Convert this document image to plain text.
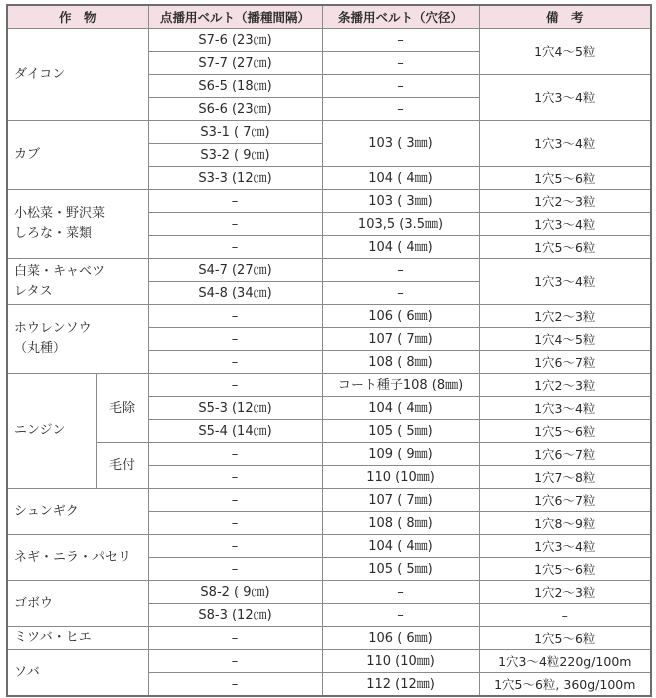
作　物		点播用ベルト（播種間隔）	条播用ベルト（穴径）	備　考
ダイコン		S7-6 (23㎝)	–	1穴4～5粒
		S7-7 (27㎝)	–	
		S6-5 (18㎝)	–	1穴3～4粒
		S6-6 (23㎝)	–	
カブ		S3-1 ( 7㎝)	103 ( 3㎜)	1穴3～4粒
		S3-2 ( 9㎝)		
		S3-3 (12㎝)	104 ( 4㎜)	1穴5～6粒
小松菜・野沢菜
しろな・菜類		–	103 ( 3㎜)	1穴2～3粒
		–	103,5 (3.5㎜)	1穴3～4粒
		–	104 ( 4㎜)	1穴5～6粒
白菜・キャベツ
レタス		S4-7 (27㎝)	–	1穴3～4粒
		S4-8 (34㎝)	–	
ホウレンソウ
（丸種）		–	106 ( 6㎜)	1穴2～3粒
		–	107 ( 7㎜)	1穴4～5粒
		–	108 ( 8㎜)	1穴6～7粒
ニンジン	毛除	–	コート種子108 (8㎜)	1穴2～3粒
		S5-3 (12㎝)	104 ( 4㎜)	1穴3～4粒
		S5-4 (14㎝)	105 ( 5㎜)	1穴5～6粒
	毛付	–	109 ( 9㎜)	1穴6～7粒
		–	110 (10㎜)	1穴7～8粒
シュンギク		–	107 ( 7㎜)	1穴6～7粒
		–	108 ( 8㎜)	1穴8～9粒
ネギ・ニラ・パセリ		–	104 ( 4㎜)	1穴3～4粒
		–	105 ( 5㎜)	1穴5～6粒
ゴボウ		S8-2 ( 9㎝)	–	1穴2～3粒
		S8-3 (12㎝)	–	–
ミツバ・ヒエ		–	106 ( 6㎜)	1穴5～6粒
ソバ		–	110 (10㎜)	1穴3～4粒220g/100m
		–	112 (12㎜)	1穴5～6粒, 360g/100m
